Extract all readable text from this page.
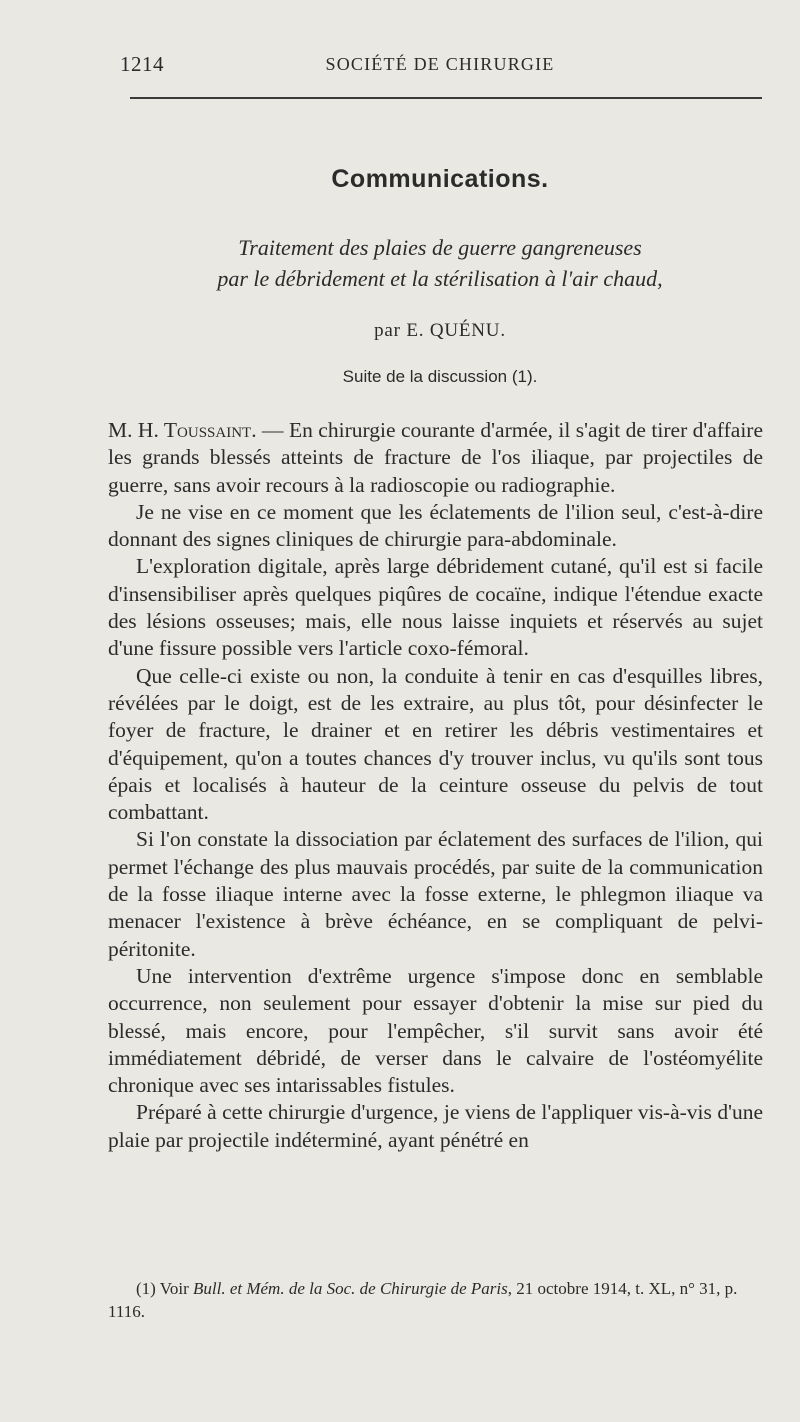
1214	SOCIÉTÉ DE CHIRURGIE
Communications.
Traitement des plaies de guerre gangreneuses
par le débridement et la stérilisation à l'air chaud,
par E. QUÉNU.
Suite de la discussion (1).

M. H. Toussaint. — En chirurgie courante d'armée, il s'agit de tirer d'affaire les grands blessés atteints de fracture de l'os iliaque, par projectiles de guerre, sans avoir recours à la radioscopie ou radiographie.

Je ne vise en ce moment que les éclatements de l'ilion seul, c'est-à-dire donnant des signes cliniques de chirurgie para-abdominale.

L'exploration digitale, après large débridement cutané, qu'il est si facile d'insensibiliser après quelques piqûres de cocaïne, indique l'étendue exacte des lésions osseuses; mais, elle nous laisse inquiets et réservés au sujet d'une fissure possible vers l'article coxo-fémoral.

Que celle-ci existe ou non, la conduite à tenir en cas d'esquilles libres, révélées par le doigt, est de les extraire, au plus tôt, pour désinfecter le foyer de fracture, le drainer et en retirer les débris vestimentaires et d'équipement, qu'on a toutes chances d'y trouver inclus, vu qu'ils sont tous épais et localisés à hauteur de la ceinture osseuse du pelvis de tout combattant.

Si l'on constate la dissociation par éclatement des surfaces de l'ilion, qui permet l'échange des plus mauvais procédés, par suite de la communication de la fosse iliaque interne avec la fosse externe, le phlegmon iliaque va menacer l'existence à brève échéance, en se compliquant de pelvi-péritonite.

Une intervention d'extrême urgence s'impose donc en semblable occurrence, non seulement pour essayer d'obtenir la mise sur pied du blessé, mais encore, pour l'empêcher, s'il survit sans avoir été immédiatement débridé, de verser dans le calvaire de l'ostéomyélite chronique avec ses intarissables fistules.

Préparé à cette chirurgie d'urgence, je viens de l'appliquer vis-à-vis d'une plaie par projectile indéterminé, ayant pénétré en

(1) Voir Bull. et Mém. de la Soc. de Chirurgie de Paris, 21 octobre 1914, t. XL, n° 31, p. 1116.
